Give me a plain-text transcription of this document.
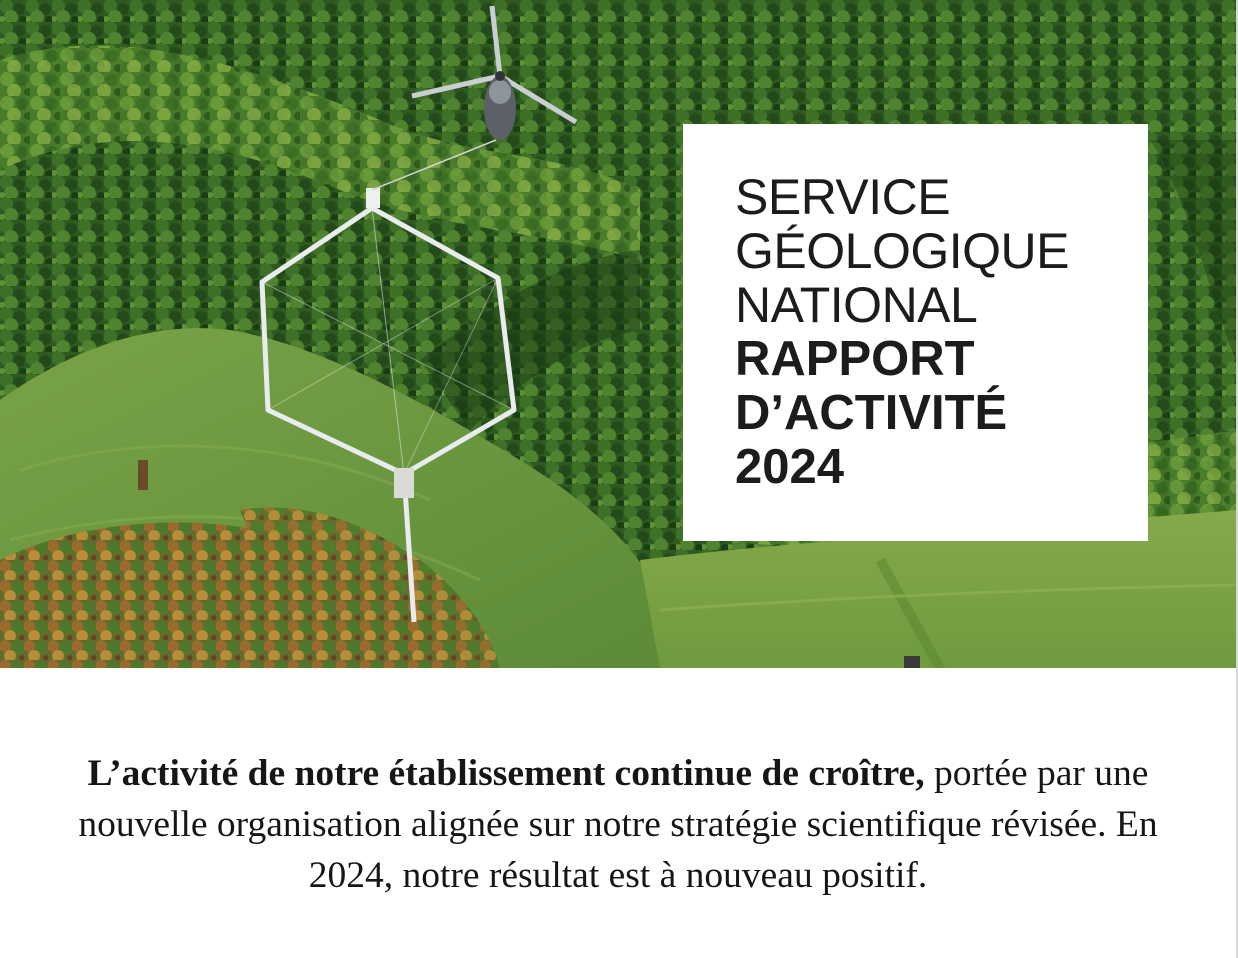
SERVICE
GÉOLOGIQUE
NATIONAL
RAPPORT
D’ACTIVITÉ
2024

L’activité de notre établissement continue de croître, portée par une nouvelle organisation alignée sur notre stratégie scientifique révisée. En 2024, notre résultat est à nouveau positif.
